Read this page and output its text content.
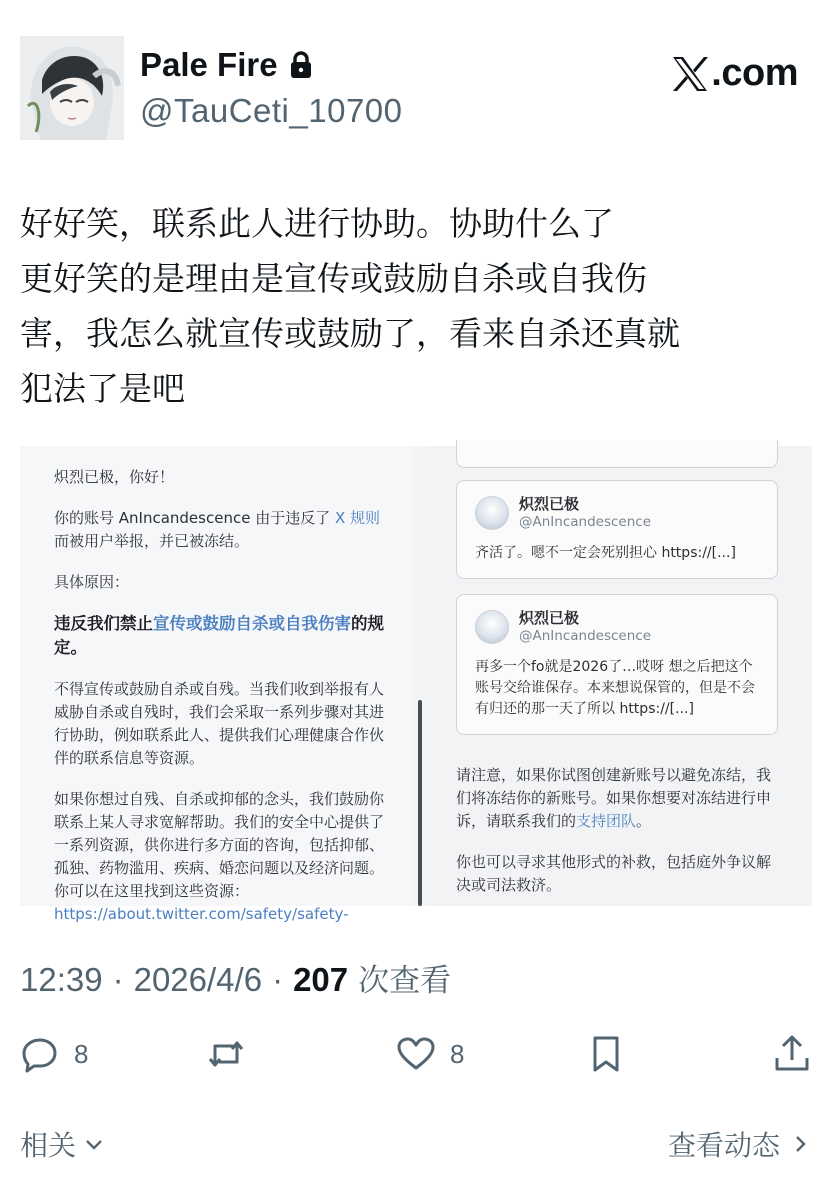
Pale Fire
@TauCeti_10700
.com
好好笑，联系此人进行协助。协助什么了
更好笑的是理由是宣传或鼓励自杀或自我伤
害，我怎么就宣传或鼓励了，看来自杀还真就
犯法了是吧

炽烈已极，你好！

你的账号 AnIncandescence 由于违反了 X 规则而被用户举报，并已被冻结。

具体原因：

违反我们禁止宣传或鼓励自杀或自我伤害的规定。

不得宣传或鼓励自杀或自残。当我们收到举报有人威胁自杀或自残时，我们会采取一系列步骤对其进行协助，例如联系此人、提供我们心理健康合作伙伴的联系信息等资源。

如果你想过自残、自杀或抑郁的念头，我们鼓励你联系上某人寻求宽解帮助。我们的安全中心提供了一系列资源，供你进行多方面的咨询，包括抑郁、孤独、药物滥用、疾病、婚恋问题以及经济问题。你可以在这里找到这些资源：https://about.twitter.com/safety/safety-

炽烈已极
@AnIncandescence
齐活了。嗯不一定会死别担心 https://[...]
炽烈已极
@AnIncandescence
再多一个fo就是2026了…哎呀 想之后把这个账号交给谁保存。本来想说保管的，但是不会有归还的那一天了所以 https://[...]

请注意，如果你试图创建新账号以避免冻结，我们将冻结你的新账号。如果你想要对冻结进行申诉，请联系我们的支持团队。

你也可以寻求其他形式的补救，包括庭外争议解决或司法救济。

12:39 · 2026/4/6 · 207 次查看
8	8
相关	查看动态
